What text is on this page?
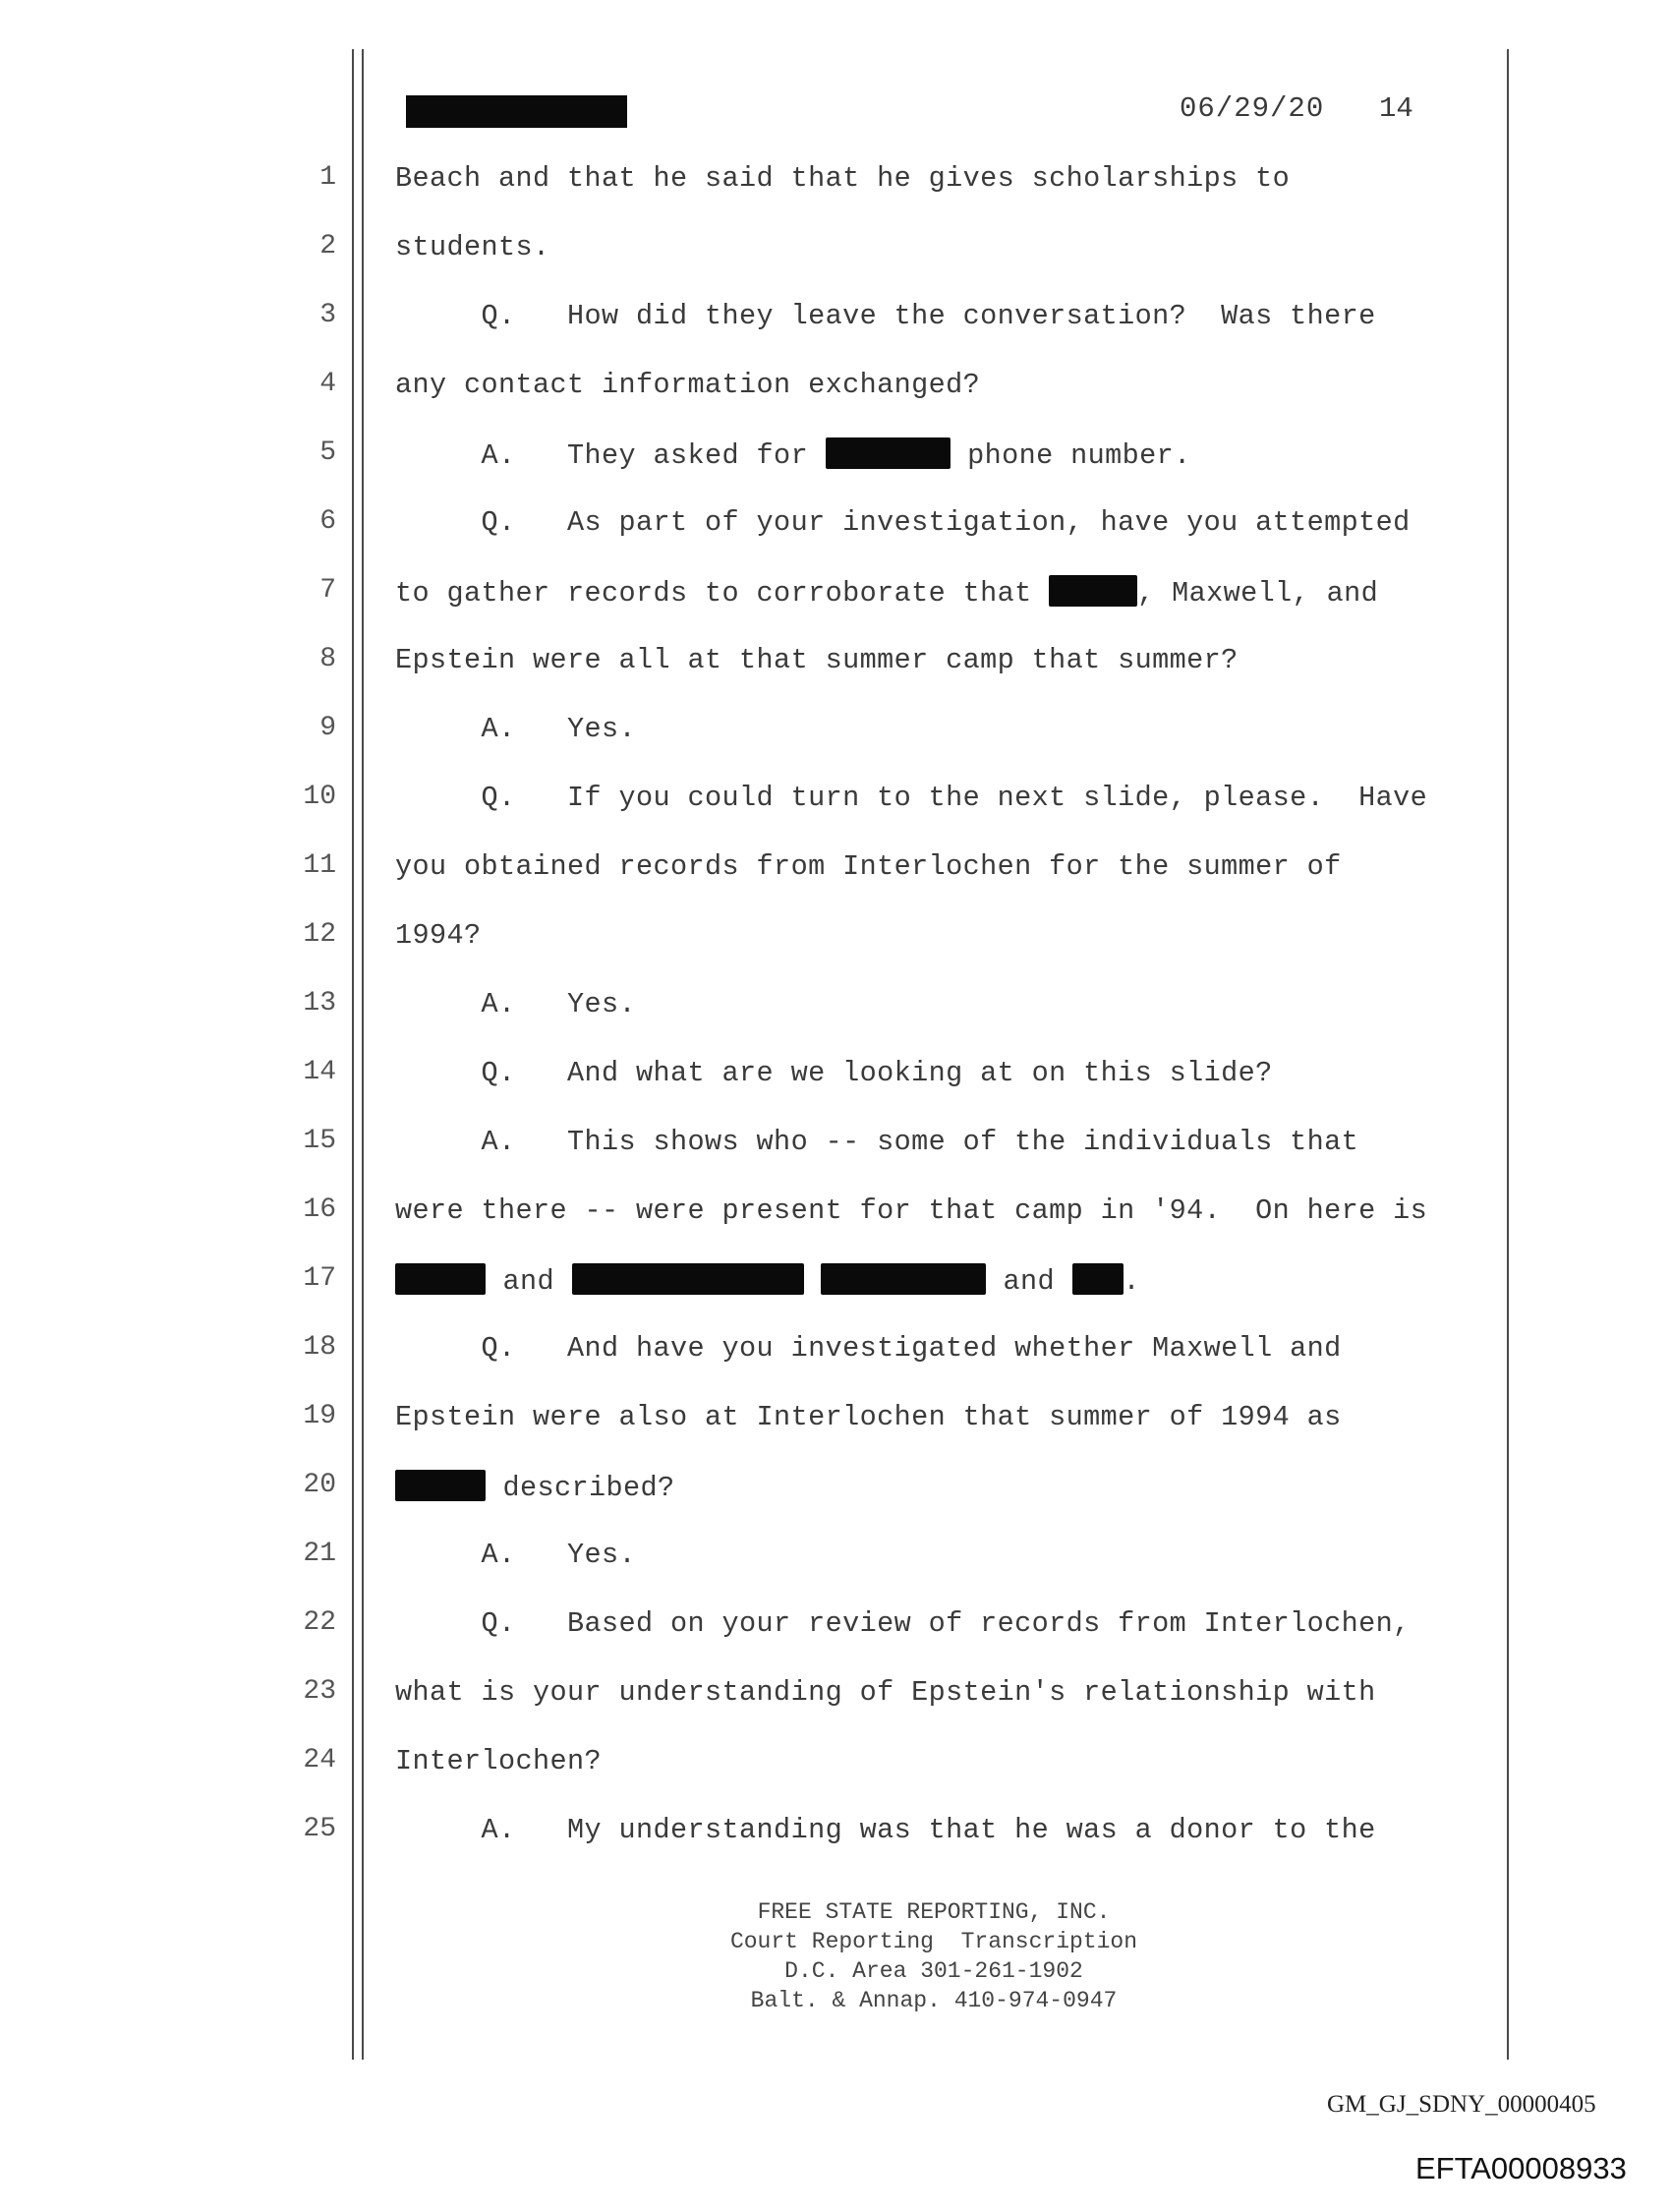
06/29/20 14
1 Beach and that he said that he gives scholarships to
2 students.
3 Q.   How did they leave the conversation?  Was there
4 any contact information exchanged?
5 A.   They asked for	phone number.
6 Q.   As part of your investigation, have you attempted
7 to gather records to corroborate that	, Maxwell, and
8 Epstein were all at that summer camp that summer?
9 A.   Yes.
10 Q.   If you could turn to the next slide, please.  Have
11 you obtained records from Interlochen for the summer of
12 1994?
13 A.   Yes.
14 Q.   And what are we looking at on this slide?
15 A.   This shows who -- some of the individuals that
16 were there -- were present for that camp in '94.  On here is
17	and	and .
18 Q.   And have you investigated whether Maxwell and
19 Epstein were also at Interlochen that summer of 1994 as
20	described?
21 A.   Yes.
22 Q.   Based on your review of records from Interlochen,
23 what is your understanding of Epstein's relationship with
24 Interlochen?
25 A.   My understanding was that he was a donor to the
FREE STATE REPORTING, INC.
Court Reporting  Transcription
D.C. Area 301-261-1902
Balt. & Annap. 410-974-0947
GM_GJ_SDNY_00000405
EFTA00008933
